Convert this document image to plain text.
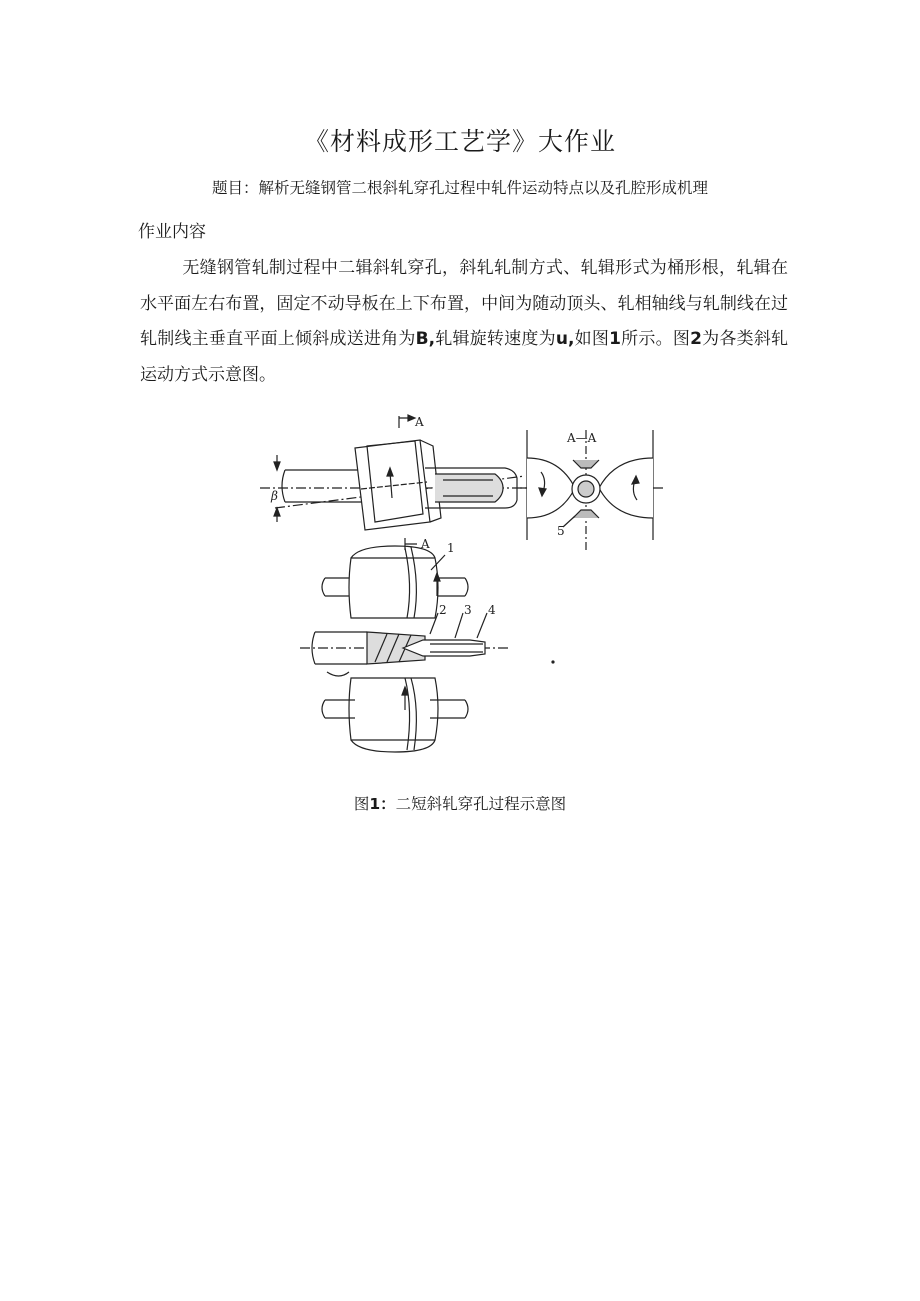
《材料成形工艺学》大作业
题目：解析无缝钢管二根斜轧穿孔过程中轧件运动特点以及孔腔形成机理
作业内容
无缝钢管轧制过程中二辑斜轧穿孔，斜轧轧制方式、轧辑形式为桶形根，轧辑在水平面左右布置，固定不动导板在上下布置，中间为随动顶头、轧相轴线与轧制线在过轧制线主垂直平面上倾斜成送进角为B,轧辑旋转速度为u,如图1所示。图2为各类斜轧运动方式示意图。
A
A
β
A—A
1
2 3 4
5
图1：二短斜轧穿孔过程示意图
